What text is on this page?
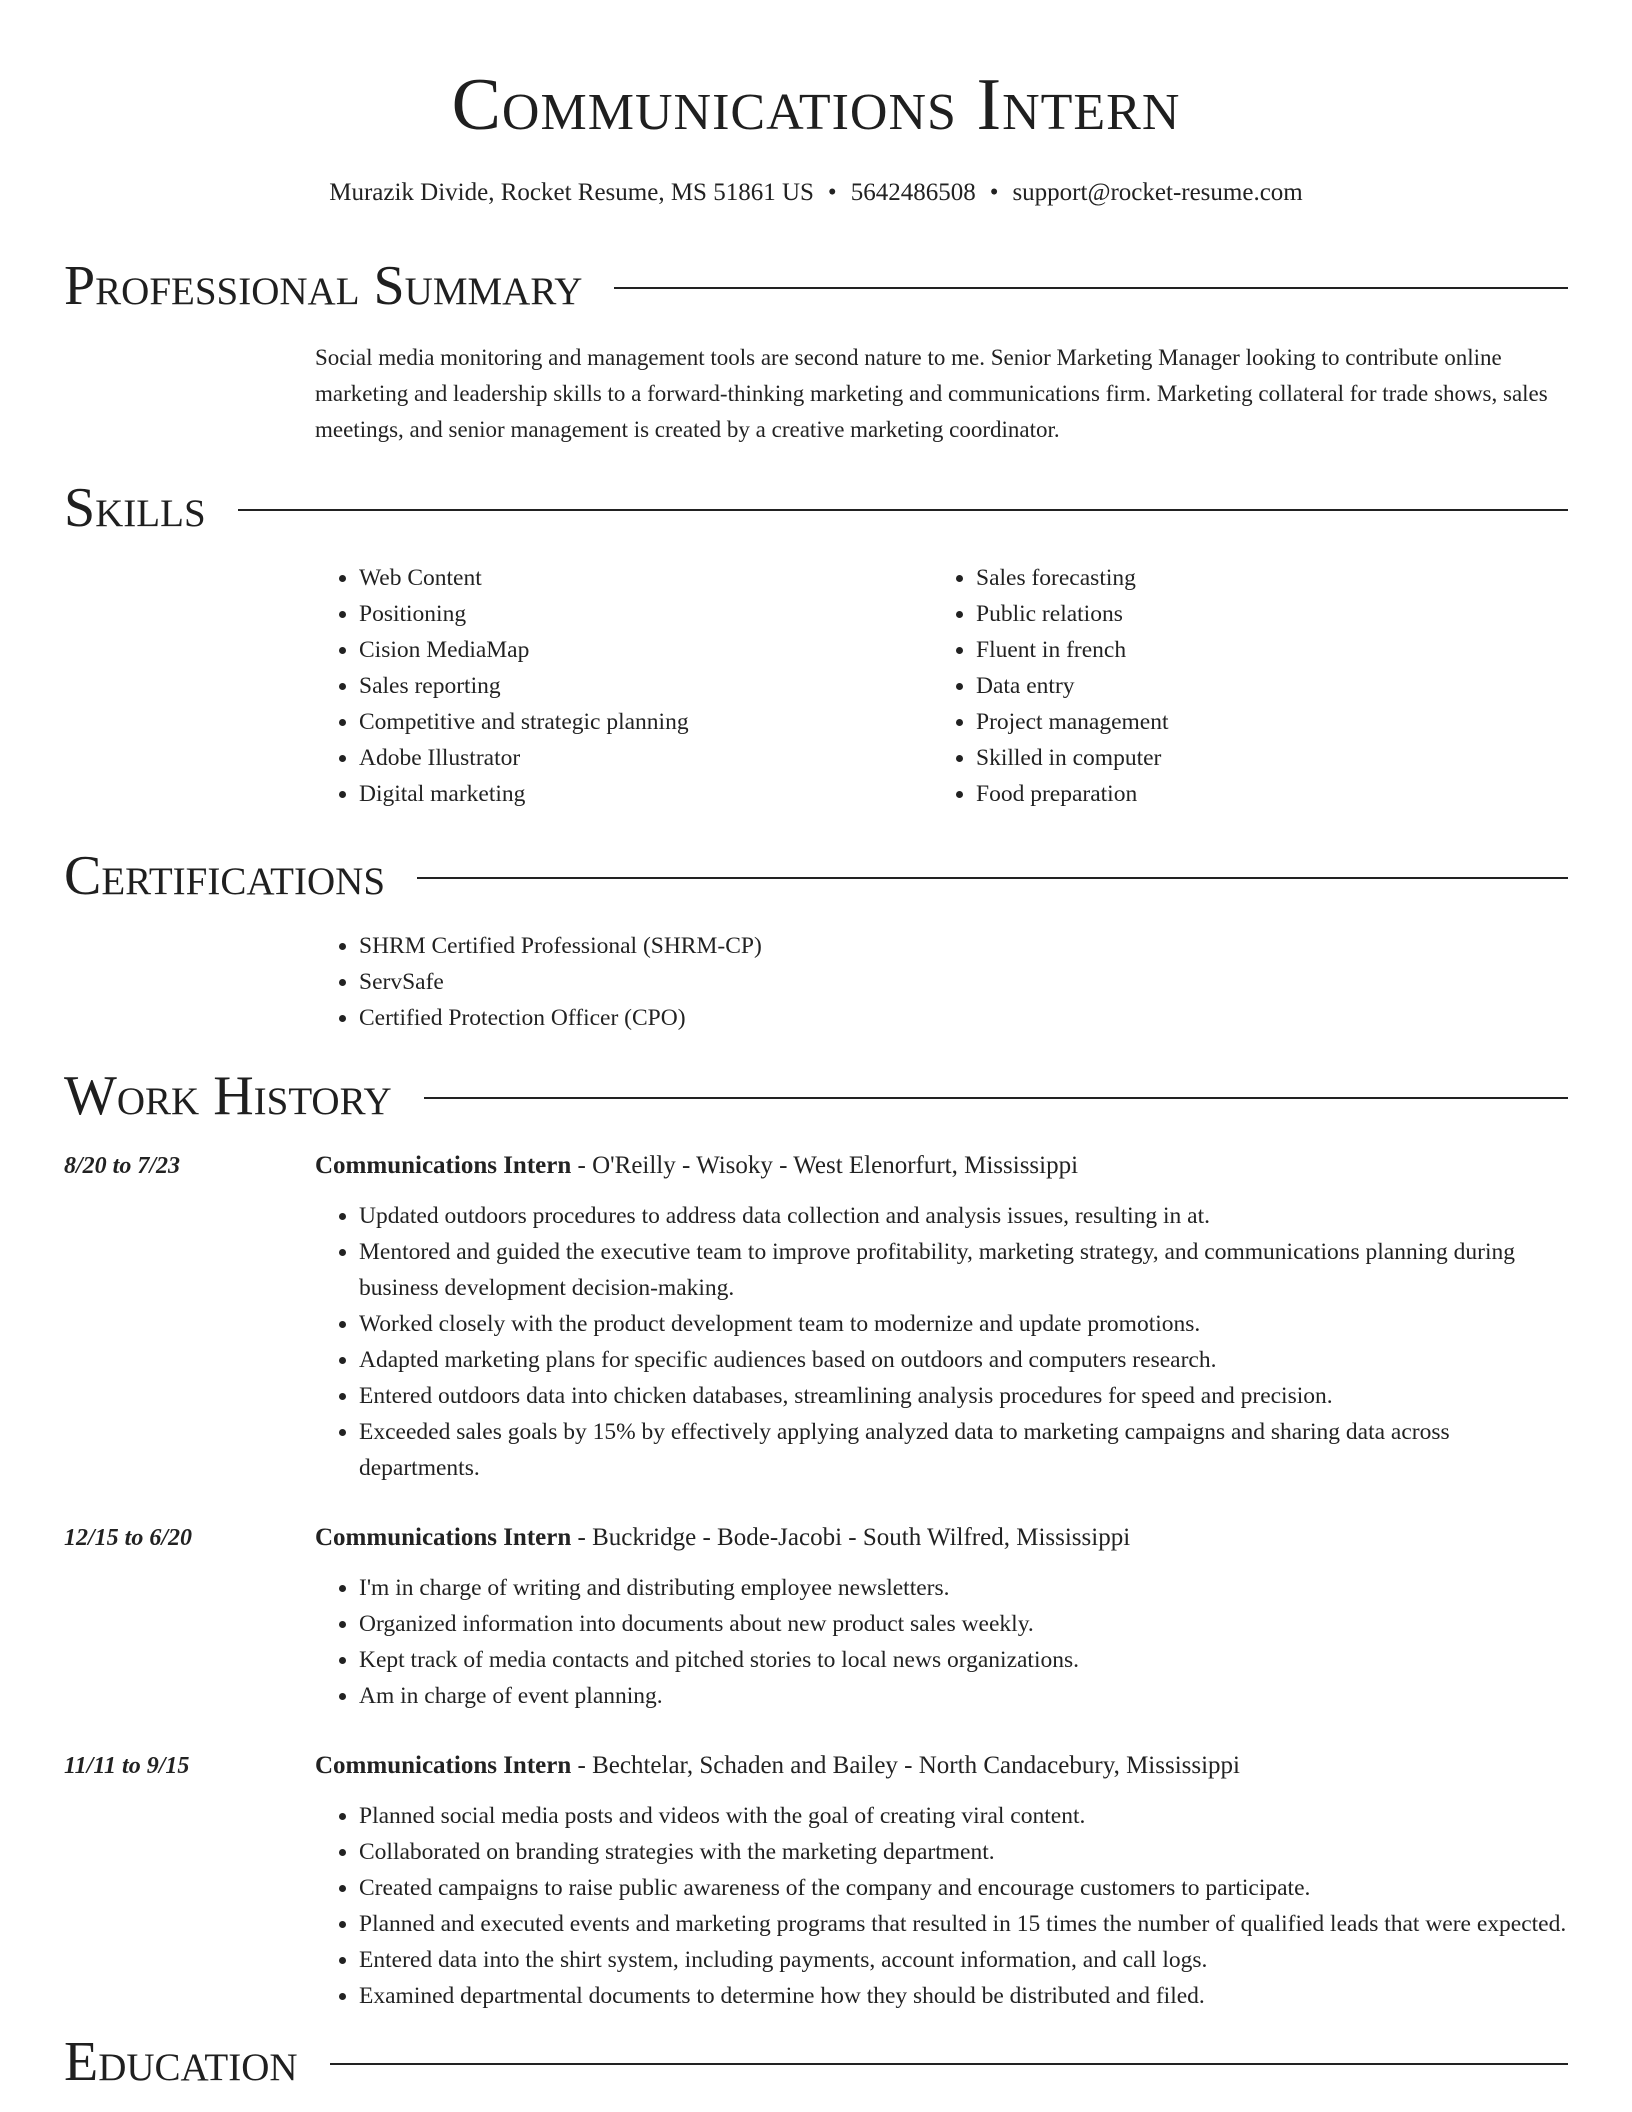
Communications Intern
Murazik Divide, Rocket Resume, MS 51861 US • 5642486508 • support@rocket-resume.com
Professional Summary
Social media monitoring and management tools are second nature to me. Senior Marketing Manager looking to contribute online marketing and leadership skills to a forward-thinking marketing and communications firm. Marketing collateral for trade shows, sales meetings, and senior management is created by a creative marketing coordinator.
Skills
• Web Content
• Positioning
• Cision MediaMap
• Sales reporting
• Competitive and strategic planning
• Adobe Illustrator
• Digital marketing
• Sales forecasting
• Public relations
• Fluent in french
• Data entry
• Project management
• Skilled in computer
• Food preparation
Certifications
• SHRM Certified Professional (SHRM-CP)
• ServSafe
• Certified Protection Officer (CPO)
Work History
8/20 to 7/23	Communications Intern - O'Reilly - Wisoky - West Elenorfurt, Mississippi
• Updated outdoors procedures to address data collection and analysis issues, resulting in at.
• Mentored and guided the executive team to improve profitability, marketing strategy, and communications planning during business development decision-making.
• Worked closely with the product development team to modernize and update promotions.
• Adapted marketing plans for specific audiences based on outdoors and computers research.
• Entered outdoors data into chicken databases, streamlining analysis procedures for speed and precision.
• Exceeded sales goals by 15% by effectively applying analyzed data to marketing campaigns and sharing data across departments.
12/15 to 6/20	Communications Intern - Buckridge - Bode-Jacobi - South Wilfred, Mississippi
• I'm in charge of writing and distributing employee newsletters.
• Organized information into documents about new product sales weekly.
• Kept track of media contacts and pitched stories to local news organizations.
• Am in charge of event planning.
11/11 to 9/15	Communications Intern - Bechtelar, Schaden and Bailey - North Candacebury, Mississippi
• Planned social media posts and videos with the goal of creating viral content.
• Collaborated on branding strategies with the marketing department.
• Created campaigns to raise public awareness of the company and encourage customers to participate.
• Planned and executed events and marketing programs that resulted in 15 times the number of qualified leads that were expected.
• Entered data into the shirt system, including payments, account information, and call logs.
• Examined departmental documents to determine how they should be distributed and filed.
Education
